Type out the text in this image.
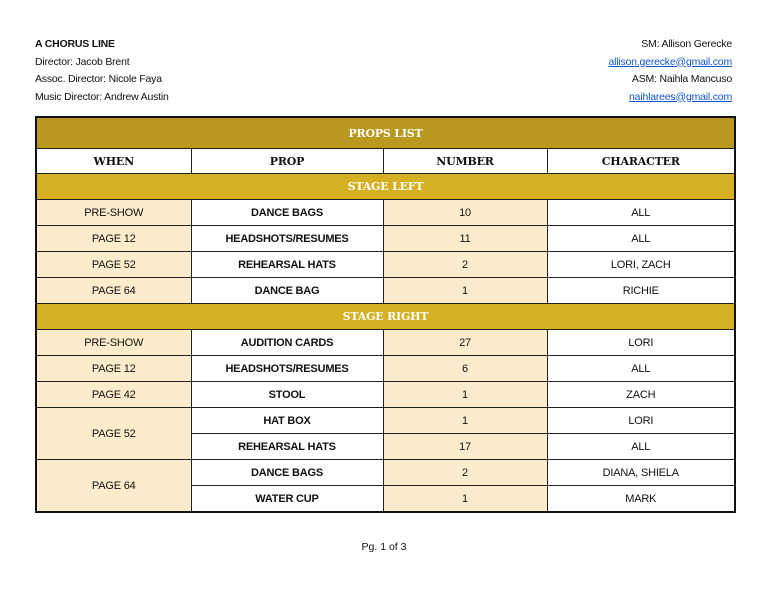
A CHORUS LINE
Director: Jacob Brent
Assoc. Director: Nicole Faya
Music Director: Andrew Austin
SM: Allison Gerecke
allison.gerecke@gmail.com
ASM: Naihla Mancuso
naihlarees@gmail.com
PROPS LIST			
WHEN	PROP	NUMBER	CHARACTER
STAGE LEFT			
PRE-SHOW	DANCE BAGS	10	ALL
PAGE 12	HEADSHOTS/RESUMES	11	ALL
PAGE 52	REHEARSAL HATS	2	LORI, ZACH
PAGE 64	DANCE BAG	1	RICHIE
STAGE RIGHT			
PRE-SHOW	AUDITION CARDS	27	LORI
PAGE 12	HEADSHOTS/RESUMES	6	ALL
PAGE 42	STOOL	1	ZACH
PAGE 52	HAT BOX	1	LORI
	REHEARSAL HATS	17	ALL
PAGE 64	DANCE BAGS	2	DIANA, SHIELA
	WATER CUP	1	MARK
Pg. 1 of 3
